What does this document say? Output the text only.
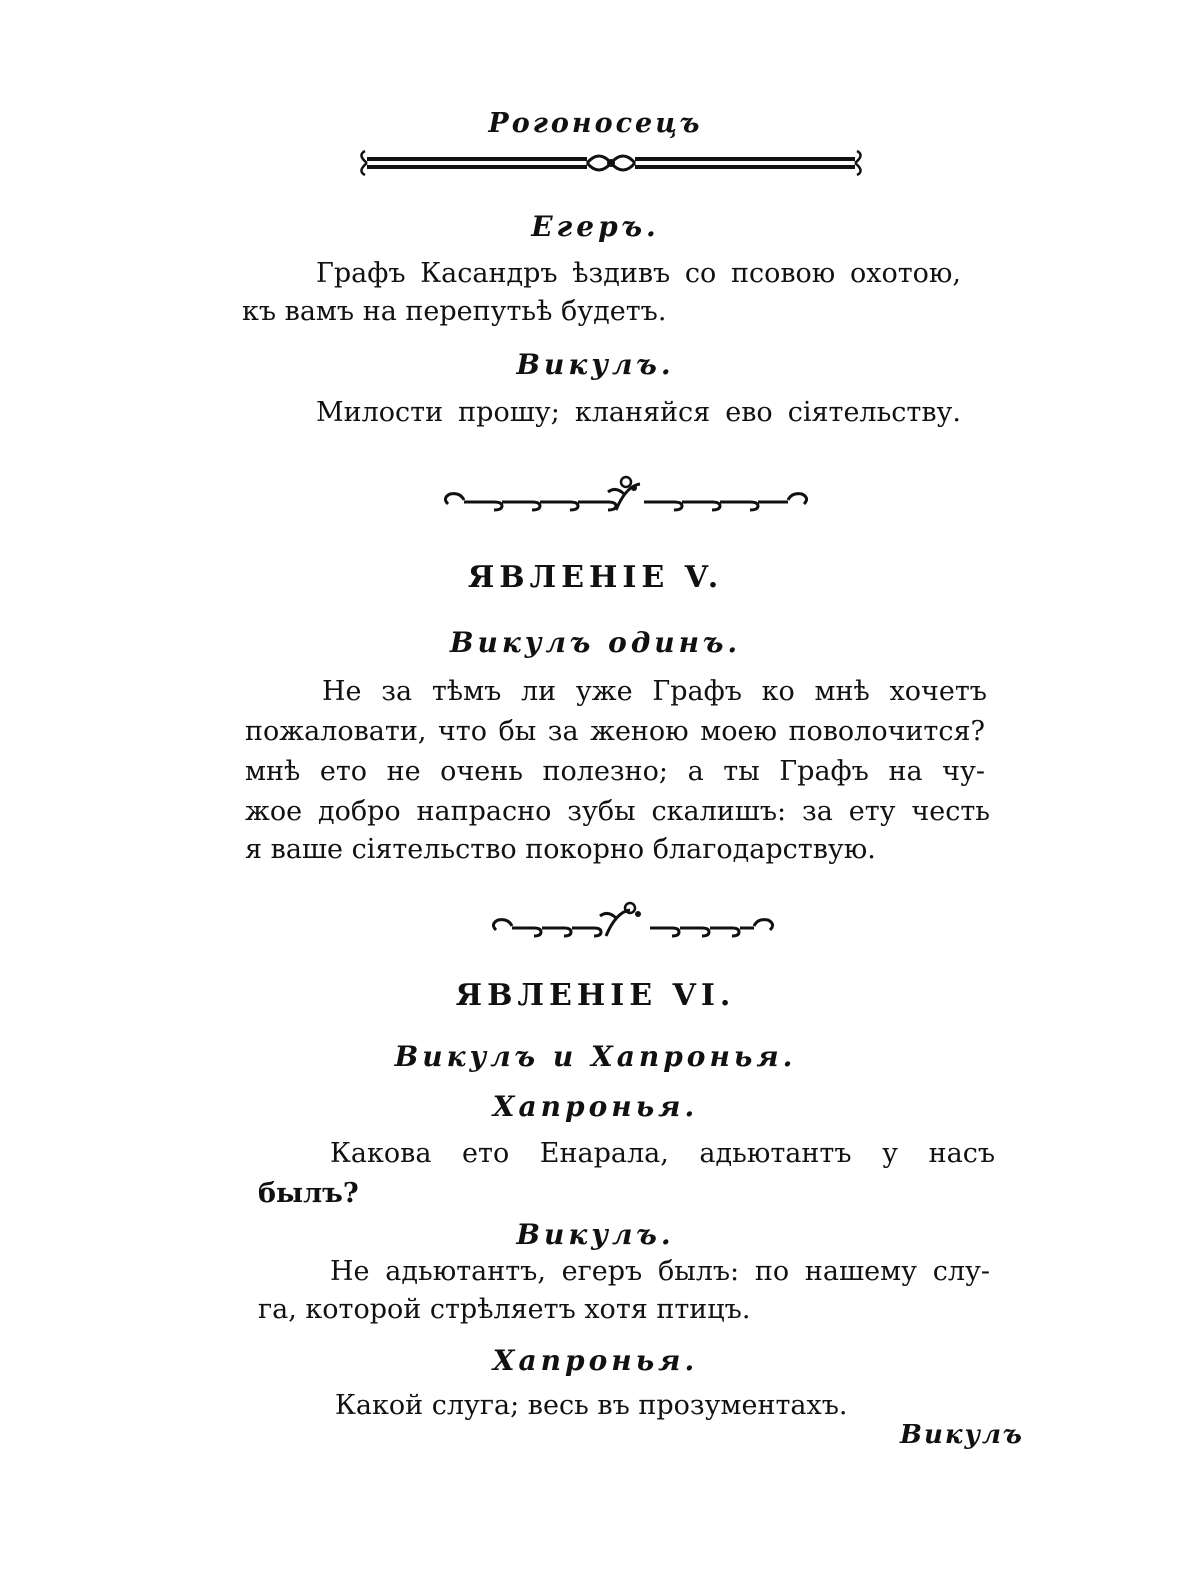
Рогоносецъ
Егеръ.
Графъ Касандръ ѣздивъ со псовою охотою,
къ вамъ на перепутьѣ будетъ.
Викулъ.
Милости прошу; кланяйся ево сіятельству.
ЯВЛЕНІЕ V.
Викулъ одинъ.
Не за тѣмъ ли уже Графъ ко мнѣ хочетъ
пожаловати, что бы за женою моею поволочится?
мнѣ ето не очень полезно; а ты Графъ на чу-
жое добро напрасно зубы скалишъ: за ету честь
я ваше сіятельство покорно благодарствую.
ЯВЛЕНІЕ VI.
Викулъ и Хапронья.
Хапронья.
Какова ето Енарала, адьютантъ у насъ
былъ?
Викулъ.
Не адьютантъ, егеръ былъ: по нашему слу-
га, которой стрѣляетъ хотя птицъ.
Хапронья.
Какой слуга; весь въ прозументахъ.
Викулъ
